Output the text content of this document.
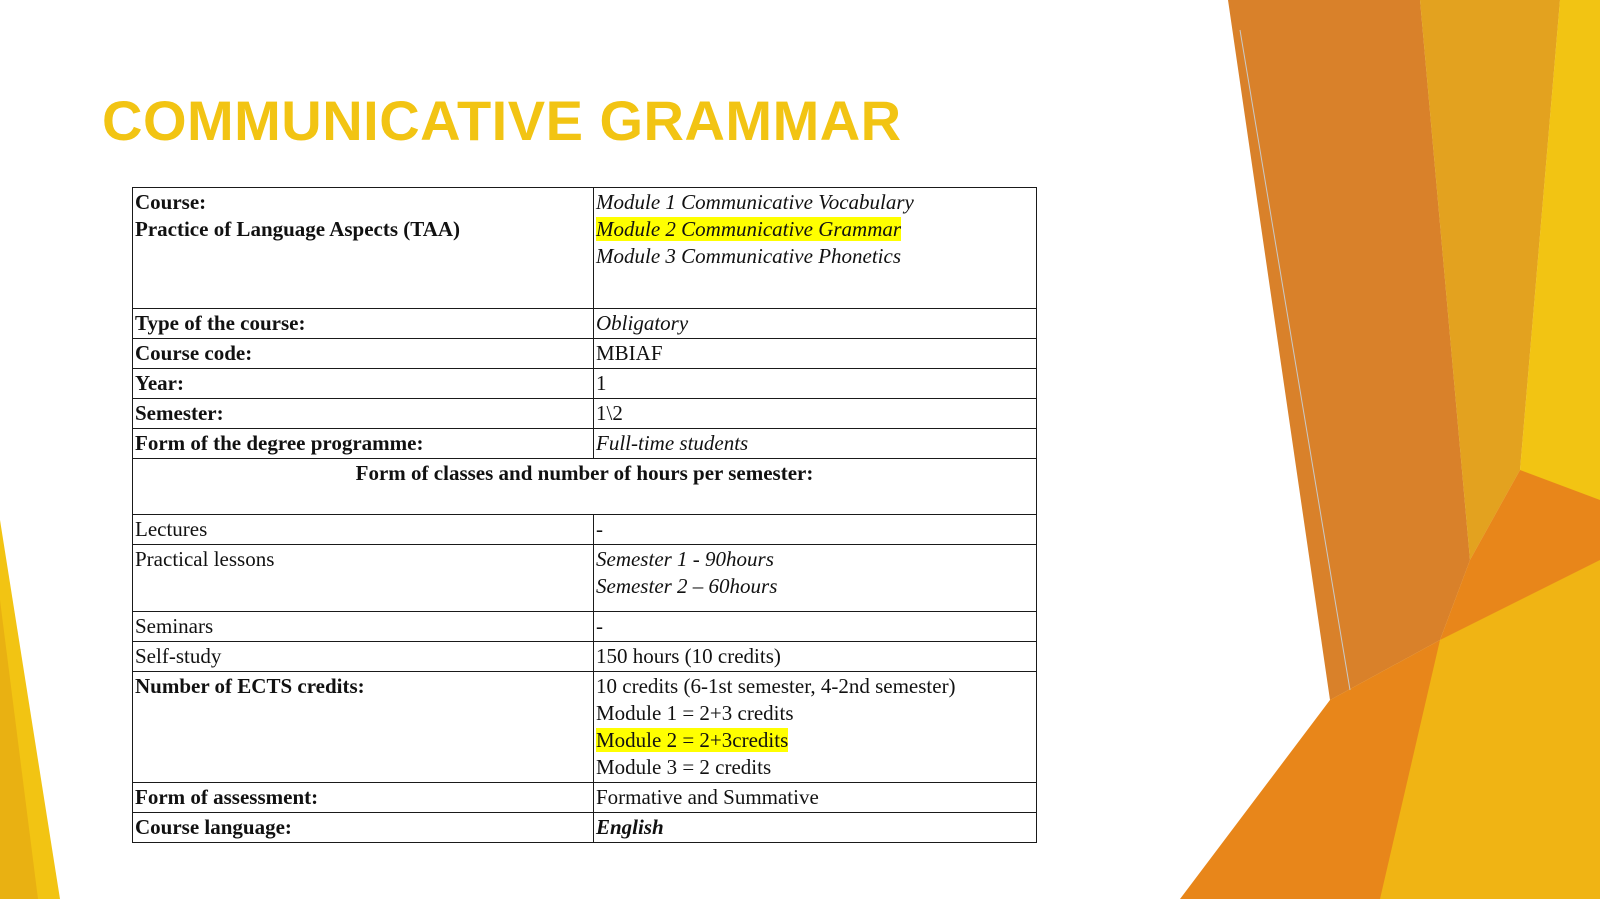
COMMUNICATIVE GRAMMAR
Course:
Practice of Language Aspects (TAA)	Module 1 Communicative Vocabulary
Module 2 Communicative Grammar
Module 3 Communicative Phonetics

Type of the course:	Obligatory
Course code:	MBIAF
Year:	1
Semester:	1\2
Form of the degree programme:	Full-time students
Form of classes and number of hours per semester:	
Lectures	-
Practical lessons	Semester 1 - 90hours
Semester 2 – 60hours

Seminars	-
Self-study	150 hours (10 credits)
Number of ECTS credits:	10 credits (6-1st semester, 4-2nd semester)
Module 1 = 2+3 credits
Module 2 = 2+3credits
Module 3 = 2 credits

Form of assessment:	Formative and Summative
Course language:	English
